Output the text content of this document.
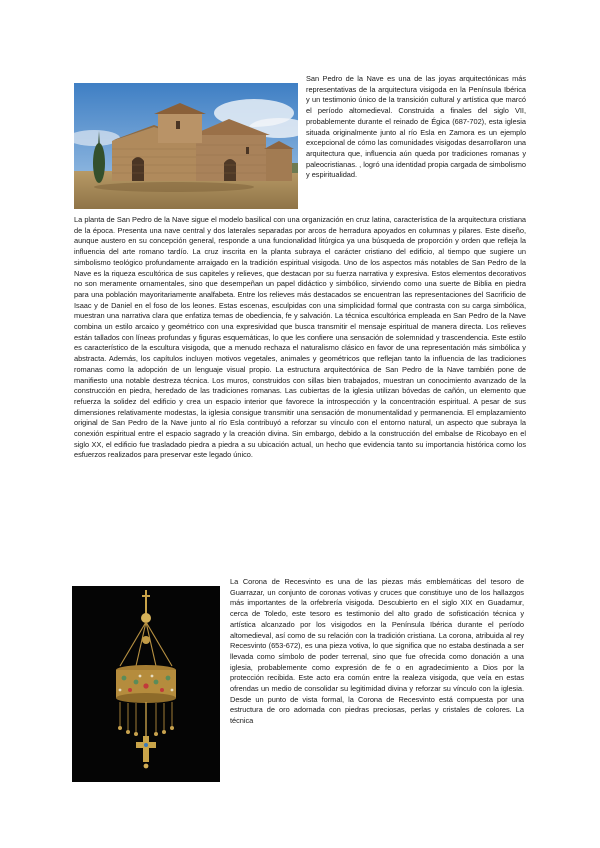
San Pedro de la Nave es una de las joyas arquitectónicas más representativas de la arquitectura visigoda en la Península Ibérica y un testimonio único de la transición cultural y artística que marcó el período altomedieval. Construida a finales del siglo VII, probablemente durante el reinado de Égica (687-702), esta iglesia situada originalmente junto al río Esla en Zamora es un ejemplo excepcional de cómo las comunidades visigodas desarrollaron una arquitectura que, influencia aún queda por tradiciones romanas y paleocristianas. , logró una identidad propia cargada de simbolismo y espiritualidad.

La planta de San Pedro de la Nave sigue el modelo basilical con una organización en cruz latina, característica de la arquitectura cristiana de la época. Presenta una nave central y dos laterales separadas por arcos de herradura apoyados en columnas y pilares. Este diseño, aunque austero en su concepción general, responde a una funcionalidad litúrgica ya una búsqueda de proporción y orden que refleja la influencia del arte romano tardío. La cruz inscrita en la planta subraya el carácter cristiano del edificio, al tiempo que sugiere un simbolismo teológico profundamente arraigado en la tradición espiritual visigoda. Uno de los aspectos más notables de San Pedro de la Nave es la riqueza escultórica de sus capiteles y relieves, que destacan por su fuerza narrativa y expresiva. Estos elementos decorativos no son meramente ornamentales, sino que desempeñan un papel didáctico y simbólico, sirviendo como una suerte de Biblia en piedra para una población mayoritariamente analfabeta. Entre los relieves más destacados se encuentran las representaciones del Sacrificio de Isaac y de Daniel en el foso de los leones. Estas escenas, esculpidas con una simplicidad formal que contrasta con su carga simbólica, muestran una narrativa clara que enfatiza temas de obediencia, fe y salvación. La técnica escultórica empleada en San Pedro de la Nave combina un estilo arcaico y geométrico con una expresividad que busca transmitir el mensaje espiritual de manera directa. Los relieves están tallados con líneas profundas y figuras esquemáticas, lo que les confiere una sensación de solemnidad y trascendencia. Este estilo es característico de la escultura visigoda, que a menudo rechaza el naturalismo clásico en favor de una representación más simbólica y abstracta. Además, los capítulos incluyen motivos vegetales, animales y geométricos que reflejan tanto la influencia de las tradiciones romanas como la adopción de un lenguaje visual propio. La estructura arquitectónica de San Pedro de la Nave también pone de manifiesto una notable destreza técnica. Los muros, construidos con sillas bien trabajados, muestran un conocimiento avanzado de la construcción en piedra, heredado de las tradiciones romanas. Las cubiertas de la iglesia utilizan bóvedas de cañón, un elemento que refuerza la solidez del edificio y crea un espacio interior que favorece la introspección y la concentración espiritual. A pesar de sus dimensiones relativamente modestas, la iglesia consigue transmitir una sensación de monumentalidad y permanencia. El emplazamiento original de San Pedro de la Nave junto al río Esla contribuyó a reforzar su vínculo con el entorno natural, un aspecto que subraya la conexión espiritual entre el espacio sagrado y la creación divina. Sin embargo, debido a la construcción del embalse de Ricobayo en el siglo XX, el edificio fue trasladado piedra a piedra a su ubicación actual, un hecho que evidencia tanto su importancia histórica como los esfuerzos realizados para preservar este legado único.

La Corona de Recesvinto es una de las piezas más emblemáticas del tesoro de Guarrazar, un conjunto de coronas votivas y cruces que constituye uno de los hallazgos más importantes de la orfebrería visigoda. Descubierto en el siglo XIX en Guadamur, cerca de Toledo, este tesoro es testimonio del alto grado de sofisticación técnica y artística alcanzado por los visigodos en la Península Ibérica durante el período altomedieval, así como de su relación con la tradición cristiana. La corona, atribuida al rey Recesvinto (653-672), es una pieza votiva, lo que significa que no estaba destinada a ser llevada como símbolo de poder terrenal, sino que fue ofrecida como donación a una iglesia, probablemente como expresión de fe o en agradecimiento a Dios por la protección recibida. Este acto era común entre la realeza visigoda, que veía en estas ofrendas un medio de consolidar su legitimidad divina y reforzar su vínculo con la iglesia. Desde un punto de vista formal, la Corona de Recesvinto está compuesta por una estructura de oro adornada con piedras preciosas, perlas y cristales de colores. La técnica
